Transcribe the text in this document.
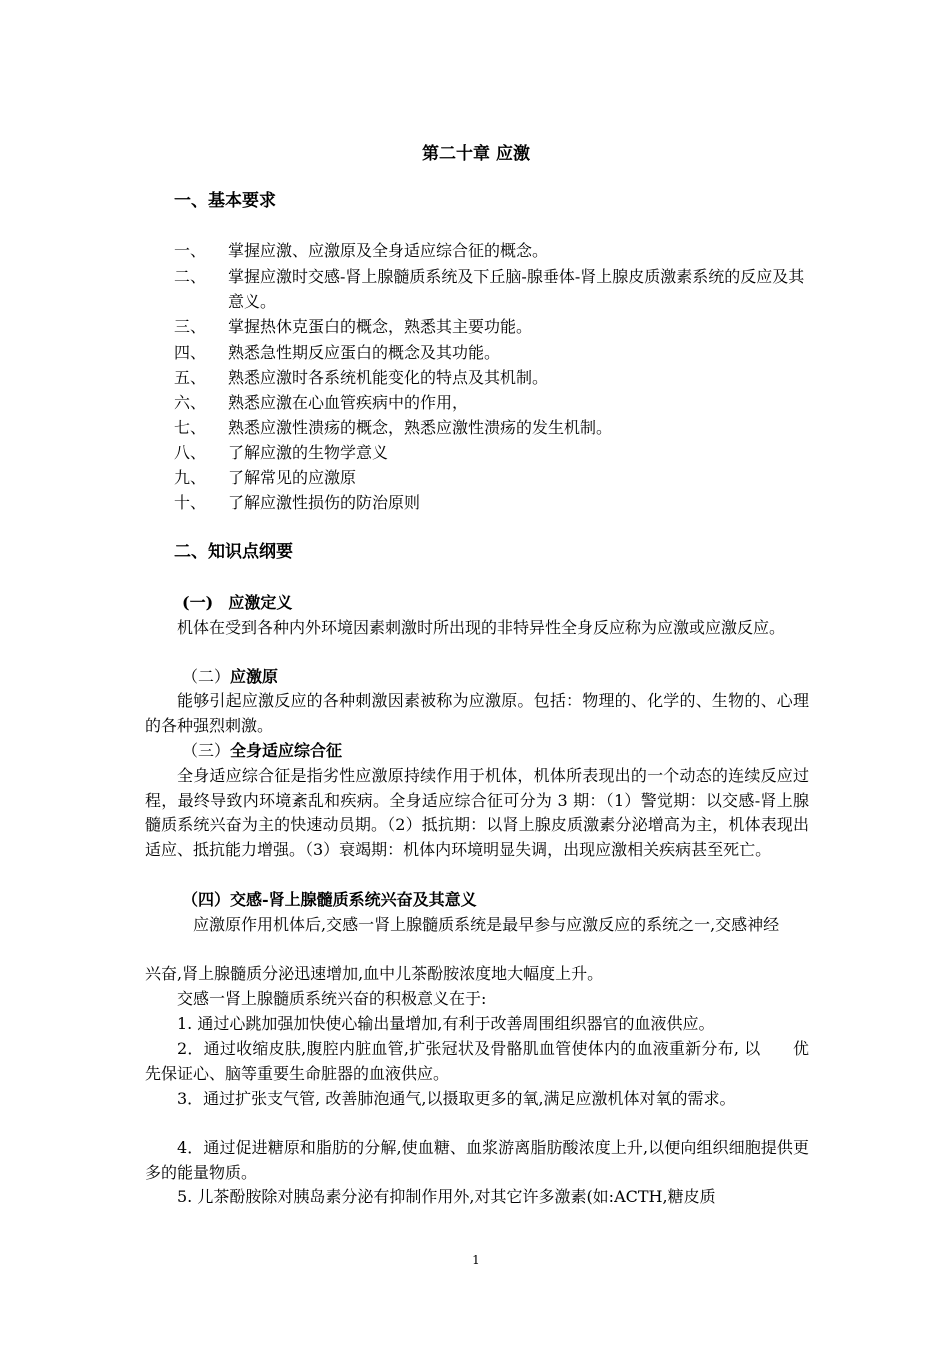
第二十章 应激
一、基本要求
一、	掌握应激、应激原及全身适应综合征的概念。
二、	掌握应激时交感-肾上腺髓质系统及下丘脑-腺垂体-肾上腺皮质激素系统的反应及其意义。
三、	掌握热休克蛋白的概念，熟悉其主要功能。
四、	熟悉急性期反应蛋白的概念及其功能。
五、	熟悉应激时各系统机能变化的特点及其机制。
六、	熟悉应激在心血管疾病中的作用，
七、	熟悉应激性溃疡的概念，熟悉应激性溃疡的发生机制。
八、	了解应激的生物学意义
九、	了解常见的应激原
十、	了解应激性损伤的防治原则
二、知识点纲要
(一) 应激定义
机体在受到各种内外环境因素刺激时所出现的非特异性全身反应称为应激或应激反应。
（二）应激原
能够引起应激反应的各种刺激因素被称为应激原。包括：物理的、化学的、生物的、心理的各种强烈刺激。
（三）全身适应综合征
全身适应综合征是指劣性应激原持续作用于机体，机体所表现出的一个动态的连续反应过程，最终导致内环境紊乱和疾病。全身适应综合征可分为 3 期：（1）警觉期：以交感-肾上腺髓质系统兴奋为主的快速动员期。（2）抵抗期：以肾上腺皮质激素分泌增高为主，机体表现出适应、抵抗能力增强。（3）衰竭期：机体内环境明显失调，出现应激相关疾病甚至死亡。
（四）交感-肾上腺髓质系统兴奋及其意义
应激原作用机体后,交感一肾上腺髓质系统是最早参与应激反应的系统之一,交感神经
兴奋,肾上腺髓质分泌迅速增加,血中儿茶酚胺浓度地大幅度上升。
交感一肾上腺髓质系统兴奋的积极意义在于:
1. 通过心跳加强加快使心输出量增加,有利于改善周围组织器官的血液供应。
2．通过收缩皮肤,腹腔内脏血管,扩张冠状及骨骼肌血管使体内的血液重新分布, 以　　优先保证心、脑等重要生命脏器的血液供应。
3．通过扩张支气管, 改善肺泡通气,以摄取更多的氧,满足应激机体对氧的需求。
4．通过促进糖原和脂肪的分解,使血糖、血浆游离脂肪酸浓度上升,以便向组织细胞提供更多的能量物质。
5. 儿茶酚胺除对胰岛素分泌有抑制作用外,对其它许多激素(如:ACTH,糖皮质
1
